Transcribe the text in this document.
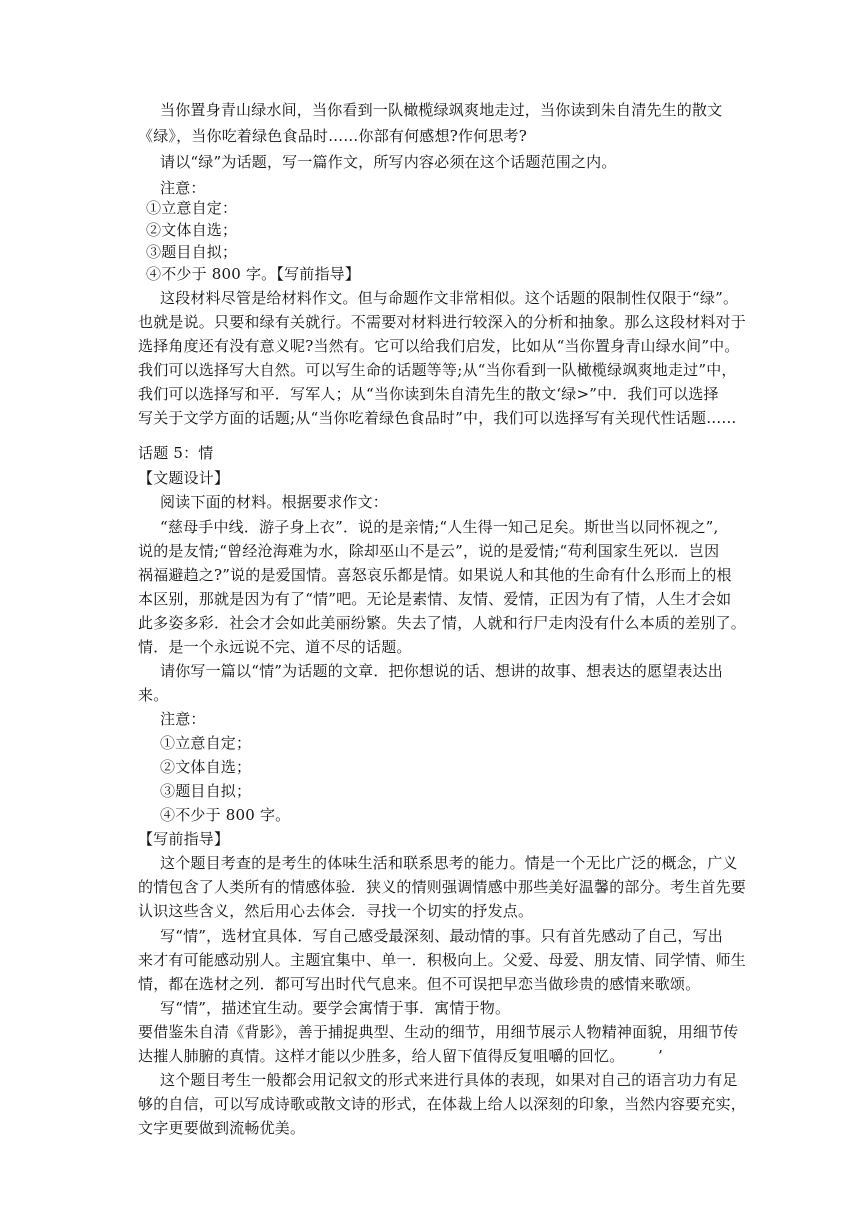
当你置身青山绿水间，当你看到一队橄榄绿飒爽地走过，当你读到朱自清先生的散文
《绿》，当你吃着绿色食品时……你部有何感想?作何思考?
请以“绿”为话题，写一篇作文，所写内容必须在这个话题范围之内。
注意：
①立意自定：
②文体自选；
③题目自拟；
④不少于 800 字。【写前指导】
这段材料尽管是给材料作文。但与命题作文非常相似。这个话题的限制性仅限于“绿”。
也就是说。只要和绿有关就行。不需要对材料进行较深入的分析和抽象。那么这段材料对于
选择角度还有没有意义呢?当然有。它可以给我们启发，比如从“当你置身青山绿水间”中。
我们可以选择写大自然。可以写生命的话题等等;从“当你看到一队橄榄绿飒爽地走过”中，
我们可以选择写和平．写军人；从“当你读到朱自清先生的散文‘绿>”中．我们可以选择
写关于文学方面的话题;从“当你吃着绿色食品时”中，我们可以选择写有关现代性话题……
话题 5：情
【文题设计】
阅读下面的材料。根据要求作文：
“慈母手中线．游子身上衣”．说的是亲情;“人生得一知己足矣。斯世当以同怀视之”,
说的是友情;“曾经沧海难为水，除却巫山不是云”，说的是爱情;“苟利国家生死以．岂因
祸福避趋之?”说的是爱国情。喜怒哀乐都是情。如果说人和其他的生命有什么形而上的根
本区别，那就是因为有了“情”吧。无论是素情、友情、爱情，正因为有了情，人生才会如
此多姿多彩．社会才会如此美丽纷繁。失去了情，人就和行尸走肉没有什么本质的差别了。
情．是一个永远说不完、道不尽的话题。
请你写一篇以“情”为话题的文章．把你想说的话、想讲的故事、想表达的愿望表达出
来。
注意：
①立意自定；
②文体自选；
③题目自拟；
④不少于 800 字。
【写前指导】
这个题目考查的是考生的体味生活和联系思考的能力。情是一个无比广泛的概念，广义
的情包含了人类所有的情感体验．狭义的情则强调情感中那些美好温馨的部分。考生首先要
认识这些含义，然后用心去体会．寻找一个切实的抒发点。
写“情”，选材宜具体．写自己感受最深刻、最动情的事。只有首先感动了自己，写出
来才有可能感动别人。主题宜集中、单一．积极向上。父爱、母爱、朋友情、同学情、师生
情，都在选材之列．都可写出时代气息来。但不可误把早恋当做珍贵的感情来歌颂。
写“情”，描述宜生动。要学会寓情于事．寓情于物。
要借鉴朱自清《背影》，善于捕捉典型、生动的细节，用细节展示人物精神面貌，用细节传
达摧人肺腑的真情。这样才能以少胜多，给人留下值得反复咀嚼的回忆。 ’
这个题目考生一般都会用记叙文的形式来进行具体的表现，如果对自己的语言功力有足
够的自信，可以写成诗歌或散文诗的形式，在体裁上给人以深刻的印象，当然内容要充实，
文字更要做到流畅优美。
